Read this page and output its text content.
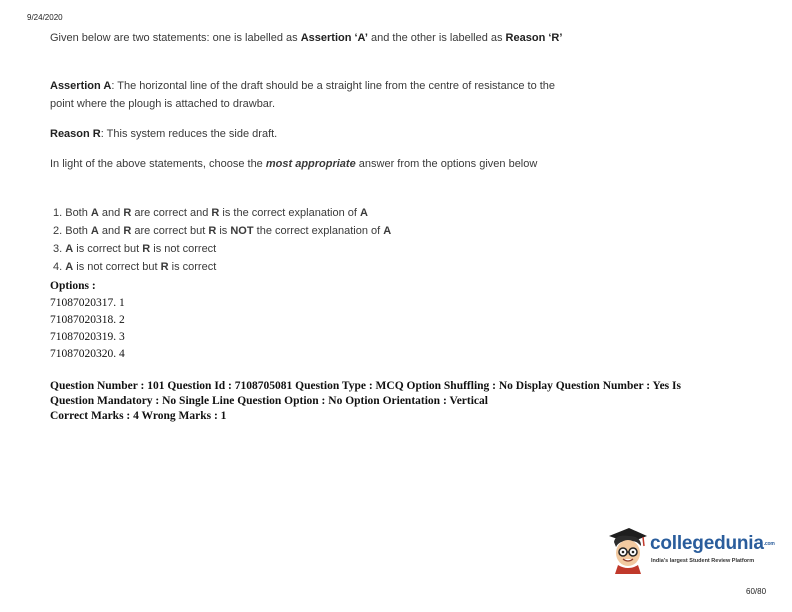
9/24/2020
Given below are two statements: one is labelled as Assertion ‘A’ and the other is labelled as Reason ‘R’
Assertion A: The horizontal line of the draft should be a straight line from the centre of resistance to the point where the plough is attached to drawbar.
Reason R: This system reduces the side draft.
In light of the above statements, choose the most appropriate answer from the options given below
1. Both A and R are correct and R is the correct explanation of A
2. Both A and R are correct but R is NOT the correct explanation of A
3. A is correct but R is not correct
4. A is not correct but R is correct
Options :
71087020317. 1
71087020318. 2
71087020319. 3
71087020320. 4
Question Number : 101 Question Id : 7108705081 Question Type : MCQ Option Shuffling : No Display Question Number : Yes Is
Question Mandatory : No Single Line Question Option : No Option Orientation : Vertical
Correct Marks : 4 Wrong Marks : 1
collegedunia.com
India's largest Student Review Platform
60/80
